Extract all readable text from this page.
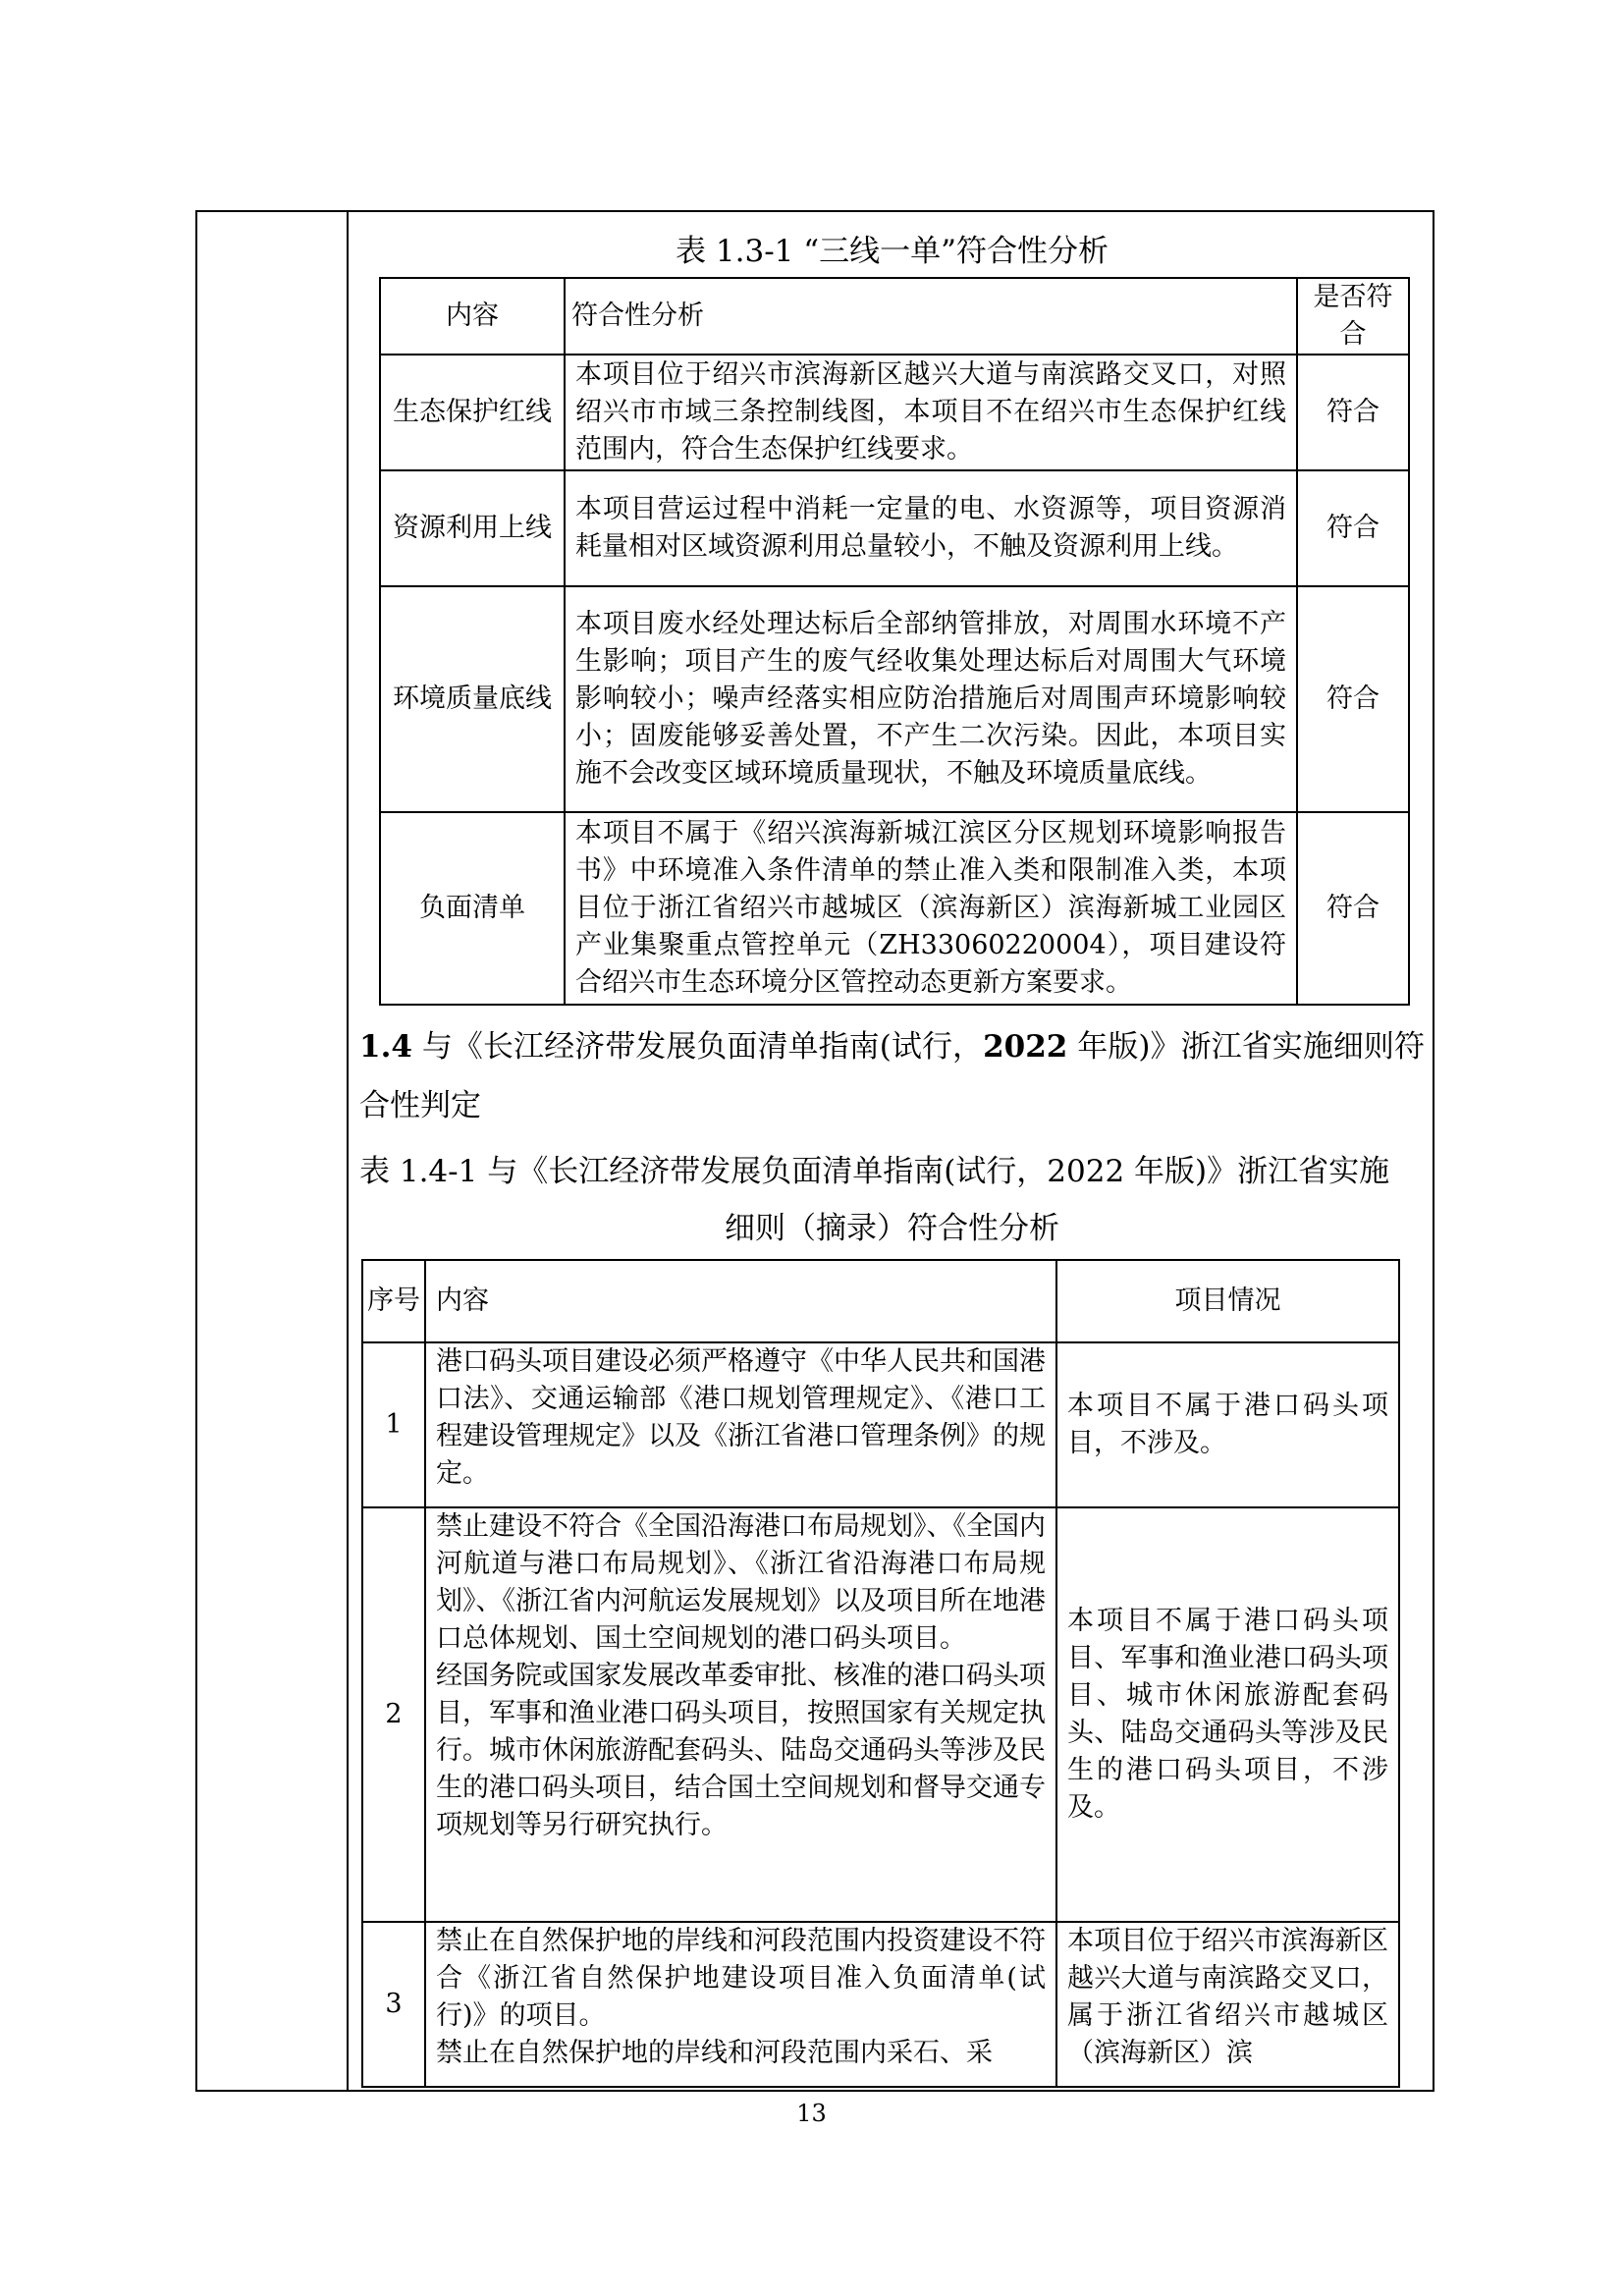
表 1.3-1 “三线一单”符合性分析
内容	符合性分析	是否符合
生态保护红线	本项目位于绍兴市滨海新区越兴大道与南滨路交叉口，对照绍兴市市域三条控制线图，本项目不在绍兴市生态保护红线范围内，符合生态保护红线要求。	符合
资源利用上线	本项目营运过程中消耗一定量的电、水资源等，项目资源消耗量相对区域资源利用总量较小，不触及资源利用上线。	符合
环境质量底线	本项目废水经处理达标后全部纳管排放，对周围水环境不产生影响；项目产生的废气经收集处理达标后对周围大气环境影响较小；噪声经落实相应防治措施后对周围声环境影响较小；固废能够妥善处置，不产生二次污染。因此，本项目实施不会改变区域环境质量现状，不触及环境质量底线。	符合
负面清单	本项目不属于《绍兴滨海新城江滨区分区规划环境影响报告书》中环境准入条件清单的禁止准入类和限制准入类，本项目位于浙江省绍兴市越城区（滨海新区）滨海新城工业园区产业集聚重点管控单元（ZH33060220004），项目建设符合绍兴市生态环境分区管控动态更新方案要求。	符合
1.4 与《长江经济带发展负面清单指南(试行，2022 年版)》浙江省实施细则符合性判定
表 1.4-1 与《长江经济带发展负面清单指南(试行，2022 年版)》浙江省实施
细则（摘录）符合性分析
序号	内容	项目情况
1	港口码头项目建设必须严格遵守《中华人民共和国港口法》、交通运输部《港口规划管理规定》、《港口工程建设管理规定》以及《浙江省港口管理条例》的规定。	本项目不属于港口码头项目，不涉及。
2	禁止建设不符合《全国沿海港口布局规划》、《全国内河航道与港口布局规划》、《浙江省沿海港口布局规划》、《浙江省内河航运发展规划》以及项目所在地港口总体规划、国土空间规划的港口码头项目。
经国务院或国家发展改革委审批、核准的港口码头项目，军事和渔业港口码头项目，按照国家有关规定执行。城市休闲旅游配套码头、陆岛交通码头等涉及民生的港口码头项目，结合国土空间规划和督导交通专项规划等另行研究执行。	本项目不属于港口码头项目、军事和渔业港口码头项目、城市休闲旅游配套码头、陆岛交通码头等涉及民生的港口码头项目，不涉及。
3	禁止在自然保护地的岸线和河段范围内投资建设不符合《浙江省自然保护地建设项目准入负面清单(试行)》的项目。
禁止在自然保护地的岸线和河段范围内采石、采	本项目位于绍兴市滨海新区越兴大道与南滨路交叉口，属于浙江省绍兴市越城区（滨海新区）滨
13
